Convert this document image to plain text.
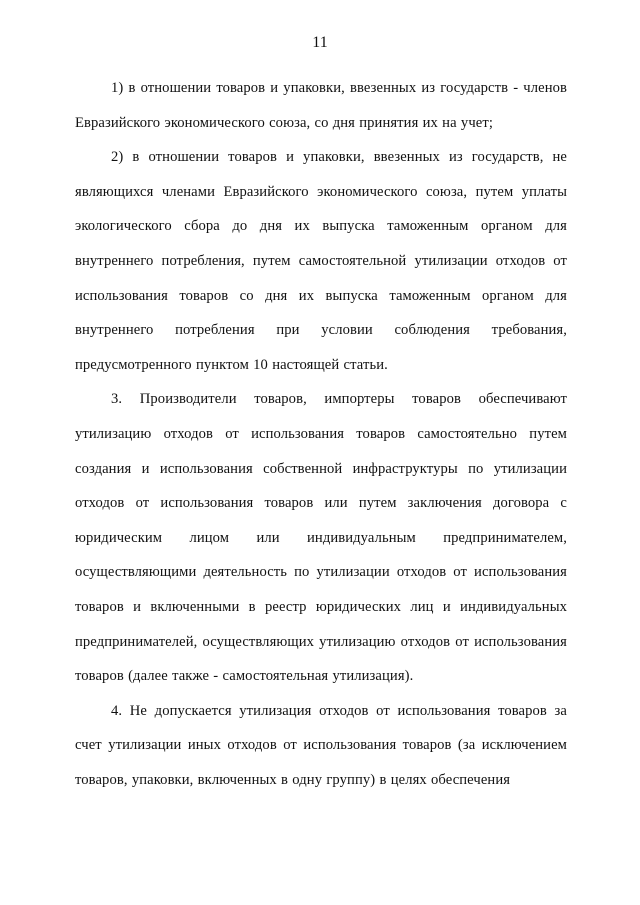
11

1) в отношении товаров и упаковки, ввезенных из государств - членов Евразийского экономического союза, со дня принятия их на учет;

2) в отношении товаров и упаковки, ввезенных из государств, не являющихся членами Евразийского экономического союза, путем уплаты экологического сбора до дня их выпуска таможенным органом для внутреннего потребления, путем самостоятельной утилизации отходов от использования товаров со дня их выпуска таможенным органом для внутреннего потребления при условии соблюдения требования, предусмотренного пунктом 10 настоящей статьи.

3. Производители товаров, импортеры товаров обеспечивают утилизацию отходов от использования товаров самостоятельно путем создания и использования собственной инфраструктуры по утилизации отходов от использования товаров или путем заключения договора с юридическим лицом или индивидуальным предпринимателем, осуществляющими деятельность по утилизации отходов от использования товаров и включенными в реестр юридических лиц и индивидуальных предпринимателей, осуществляющих утилизацию отходов от использования товаров (далее также - самостоятельная утилизация).

4. Не допускается утилизация отходов от использования товаров за счет утилизации иных отходов от использования товаров (за исключением товаров, упаковки, включенных в одну группу) в целях обеспечения
